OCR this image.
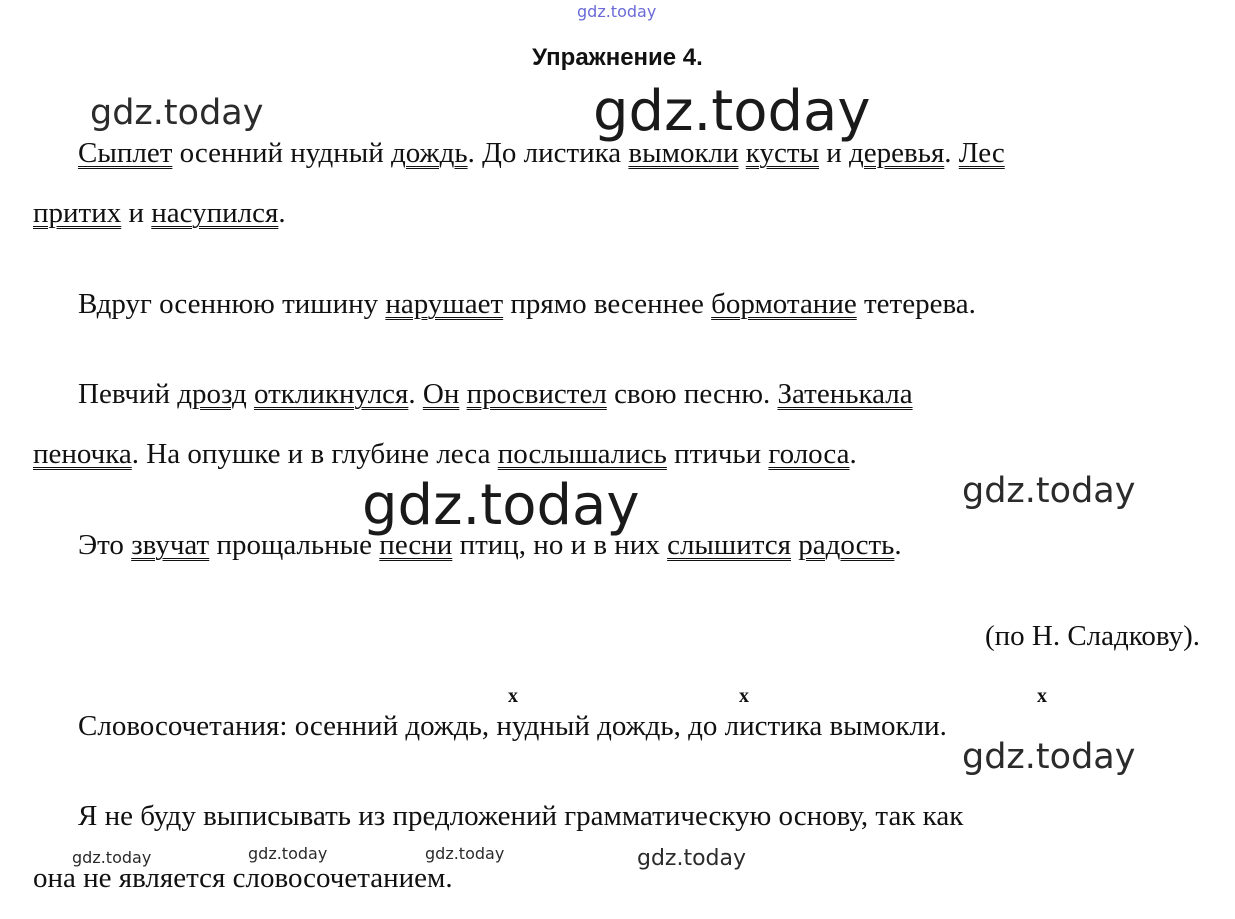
gdz.today
gdz.today	gdz.today
gdz.today	gdz.today
gdz.today
gdz.today	gdz.today	gdz.today	gdz.today
Упражнение 4.
Сыплет осенний нудный дождь. До листика вымокли кусты и деревья. Лес
притих и насупился.
Вдруг осеннюю тишину нарушает прямо весеннее бормотание тетерева.
Певчий дрозд откликнулся. Он просвистел свою песню. Затенькала
пеночка. На опушке и в глубине леса послышались птичьи голоса.
Это звучат прощальные песни птиц, но и в них слышится радость.
(по Н. Сладкову).
x	x	x
Словосочетания: осенний дождь, нудный дождь, до листика вымокли.
Я не буду выписывать из предложений грамматическую основу, так как
она не является словосочетанием.
